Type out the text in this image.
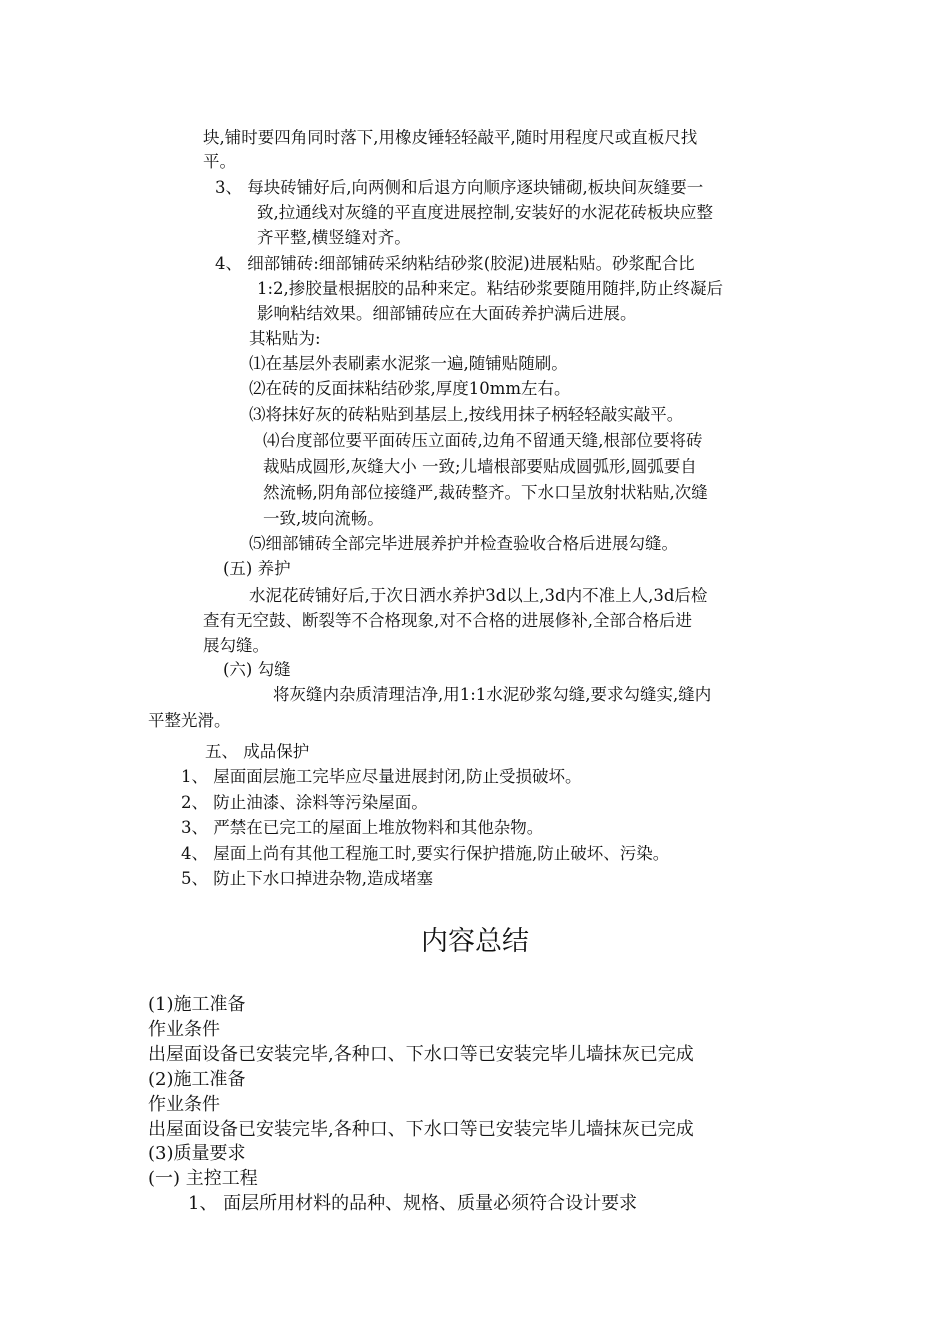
块,铺时要四角同时落下,用橡皮锤轻轻敲平,随时用程度尺或直板尺找
平。
3、 每块砖铺好后,向两侧和后退方向顺序逐块铺砌,板块间灰缝要一
致,拉通线对灰缝的平直度进展控制,安装好的水泥花砖板块应整
齐平整,横竖缝对齐。
4、 细部铺砖:细部铺砖采纳粘结砂浆(胶泥)进展粘贴。砂浆配合比
1:2,掺胶量根据胶的品种来定。粘结砂浆要随用随拌,防止终凝后
影响粘结效果。细部铺砖应在大面砖养护满后进展。
其粘贴为:
⑴在基层外表刷素水泥浆一遍,随铺贴随刷。
⑵在砖的反面抹粘结砂浆,厚度10mm左右。
⑶将抹好灰的砖粘贴到基层上,按线用抹子柄轻轻敲实敲平。
⑷台度部位要平面砖压立面砖,边角不留通天缝,根部位要将砖
裁贴成圆形,灰缝大小 一致;儿墙根部要贴成圆弧形,圆弧要自
然流畅,阴角部位接缝严,裁砖整齐。下水口呈放射状粘贴,次缝
一致,坡向流畅。
⑸细部铺砖全部完毕进展养护并检查验收合格后进展勾缝。
(五) 养护
水泥花砖铺好后,于次日洒水养护3d以上,3d内不准上人,3d后检
查有无空鼓、断裂等不合格现象,对不合格的进展修补,全部合格后进
展勾缝。
(六) 勾缝
将灰缝内杂质清理洁净,用1:1水泥砂浆勾缝,要求勾缝实,缝内
平整光滑。
五、 成品保护
1、 屋面面层施工完毕应尽量进展封闭,防止受损破坏。
2、 防止油漆、涂料等污染屋面。
3、 严禁在已完工的屋面上堆放物料和其他杂物。
4、 屋面上尚有其他工程施工时,要实行保护措施,防止破坏、污染。
5、 防止下水口掉进杂物,造成堵塞
内容总结
(1)施工准备
作业条件
出屋面设备已安装完毕,各种口、下水口等已安装完毕儿墙抹灰已完成
(2)施工准备
作业条件
出屋面设备已安装完毕,各种口、下水口等已安装完毕儿墙抹灰已完成
(3)质量要求
(一) 主控工程
1、 面层所用材料的品种、规格、质量必须符合设计要求
